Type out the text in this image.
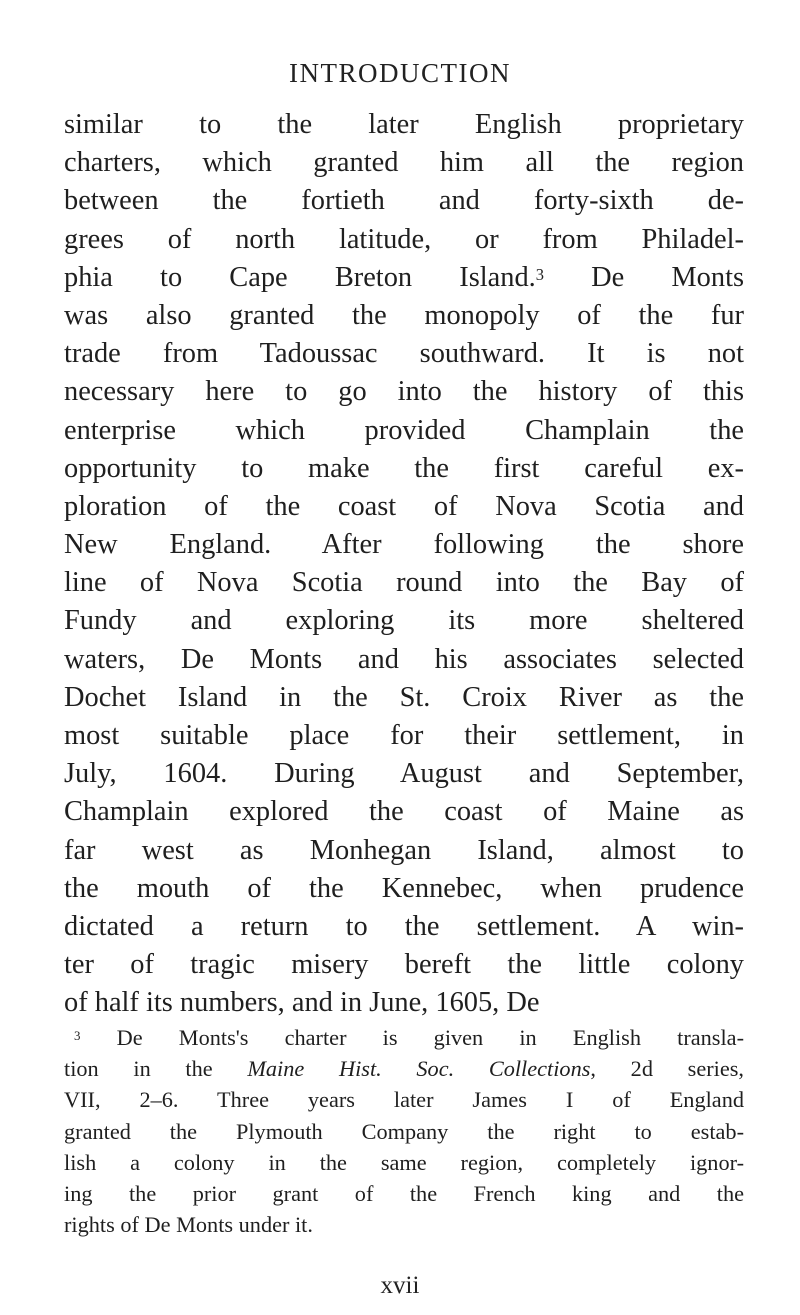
INTRODUCTION
similar to the later English proprietary
charters, which granted him all the region
between the fortieth and forty-sixth de-
grees of north latitude, or from Philadel-
phia to Cape Breton Island.$^3$ De Monts
was also granted the monopoly of the fur
trade from Tadoussac southward. It is not
necessary here to go into the history of this
enterprise which provided Champlain the
opportunity to make the first careful ex-
ploration of the coast of Nova Scotia and
New England. After following the shore
line of Nova Scotia round into the Bay of
Fundy and exploring its more sheltered
waters, De Monts and his associates selected
Dochet Island in the St. Croix River as the
most suitable place for their settlement, in
July, 1604. During August and September,
Champlain explored the coast of Maine as
far west as Monhegan Island, almost to
the mouth of the Kennebec, when prudence
dictated a return to the settlement. A win-
ter of tragic misery bereft the little colony
of half its numbers, and in June, 1605, De
$^3$ De Monts's charter is given in English transla-
tion in the Maine Hist. Soc. Collections, 2d series,
VII, 2–6. Three years later James I of England
granted the Plymouth Company the right to estab-
lish a colony in the same region, completely ignor-
ing the prior grant of the French king and the
rights of De Monts under it.
xvii
